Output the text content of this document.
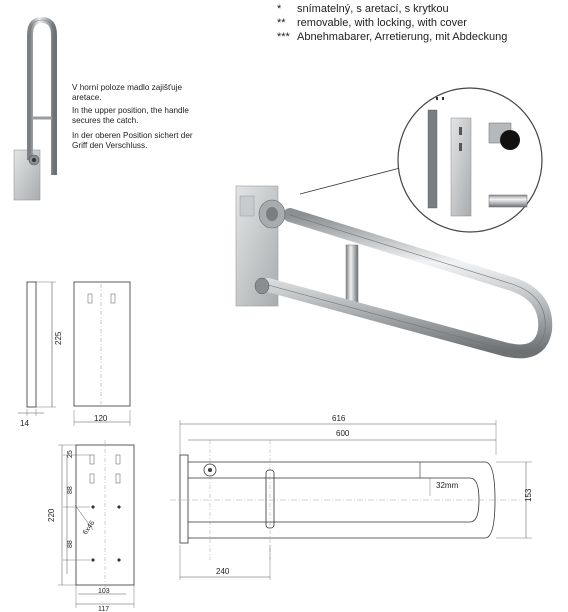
225
14
120
6x46
220
25
88
88
103
117
616
600
32mm
153
240
* snímatelný, s aretací, s krytkou
** removable, with locking, with cover
*** Abnehmabarer, Arretierung, mit Abdeckung
V horní poloze madlo zajišťuje aretace.
In the upper position, the handle secures the catch.
In der oberen Position sichert der Griff den Verschluss.
